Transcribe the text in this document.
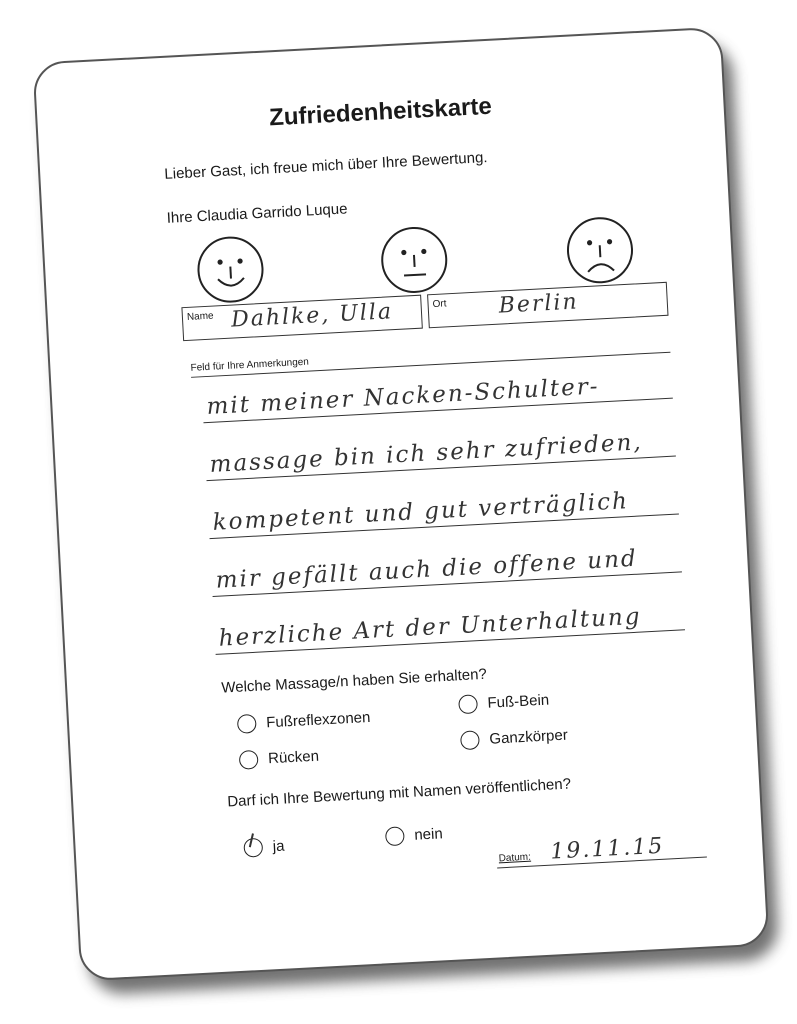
Zufriedenheitskarte
Lieber Gast, ich freue mich über Ihre Bewertung.
Ihre Claudia Garrido Luque
Name Dahlke, Ulla	Ort Berlin
Feld für Ihre Anmerkungen
mit meiner Nacken-Schulter-
massage bin ich sehr zufrieden,
kompetent und gut verträglich
mir gefällt auch die offene und
herzliche Art der Unterhaltung
Welche Massage/n haben Sie erhalten?
Fußreflexzonen
Fuß-Bein
Rücken
Ganzkörper
Darf ich Ihre Bewertung mit Namen veröffentlichen?
ja
nein
Datum: 19.11.15
